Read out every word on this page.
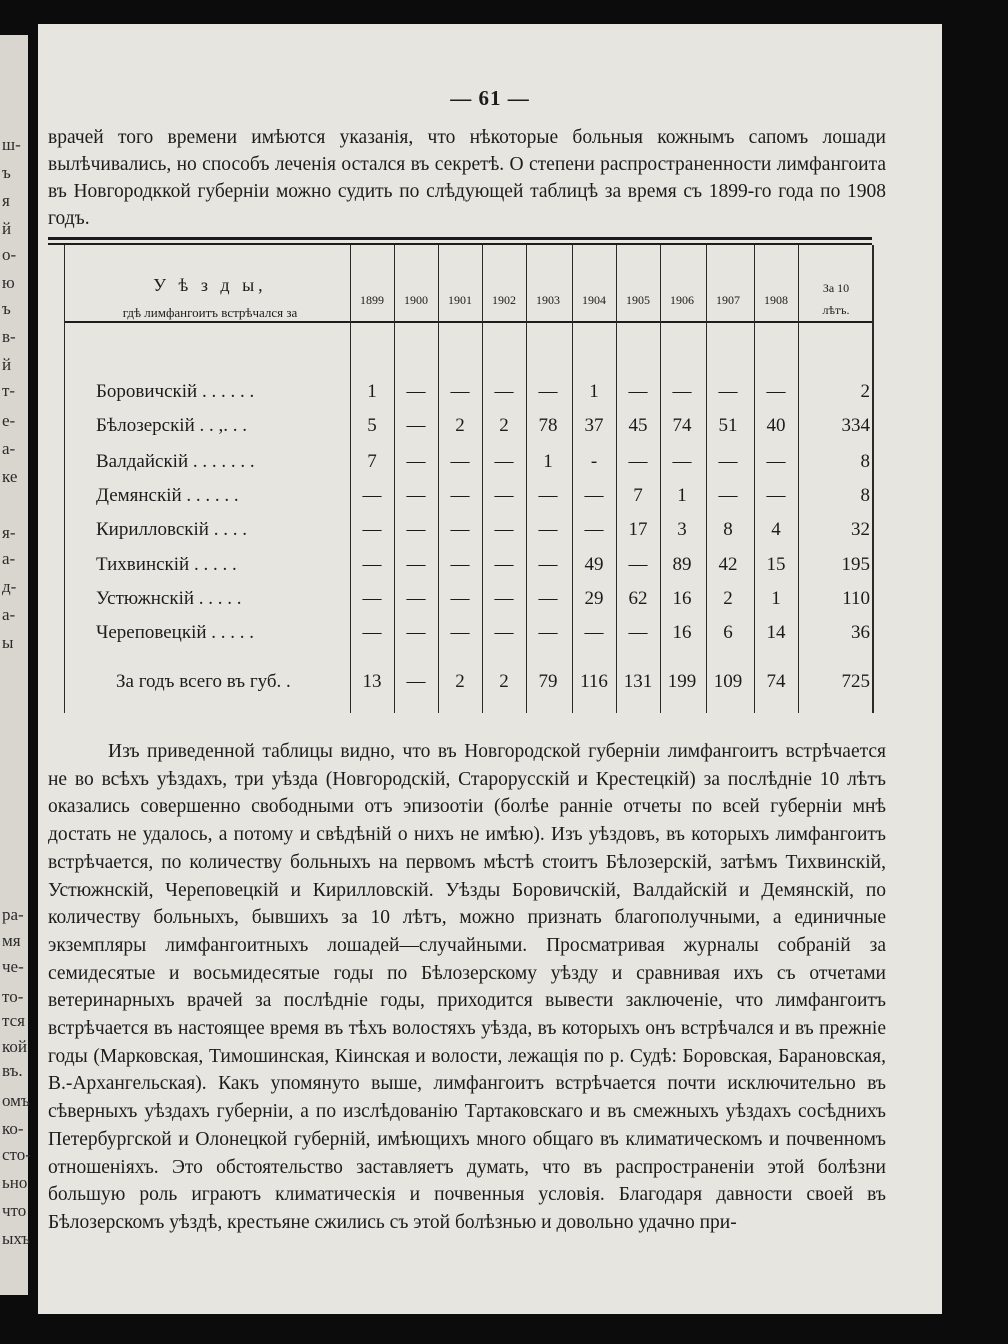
ш-
ъ
я
й
о-
ю
ъ
в-
й
т-
е-
а-
ке
я-
а-
д-
а-
ы
ра-
мя
че-
то-
тся
кой
въ.
омъ
ко-
сто-
ьно
что
ыхъ
— 61 —

врачей того времени имѣются указанія, что нѣкоторые больныя кожнымъ сапомъ лошади вылѣчивались, но способъ леченія остался въ секретѣ. О степени распространенности лимфангоита въ Новгородккой губерніи можно судить по слѣдующей таблицѣ за время съ 1899-го года по 1908 годъ.

У ѣ з д ы,
гдѣ лимфангоитъ встрѣчался за
За 10
лѣтъ.
1899	1900	1901	1902	1903	1904	1905	1906	1907	1908
Боровичскій . . . . . .	1	—	—	—	—	1	—	—	—	—	2
Бѣлозерскій . . ,. . .	5	—	2	2	78	37	45	74	51	40	334
Валдайскій . . . . . . .	7	—	—	—	1	-	—	—	—	—	8
Демянскій . . . . . .	—	—	—	—	—	—	7	1	—	—	8
Кирилловскій . . . .	—	—	—	—	—	—	17	3	8	4	32
Тихвинскій . . . . .	—	—	—	—	—	49	—	89	42	15	195
Устюжнскій . . . . .	—	—	—	—	—	29	62	16	2	1	110
Череповецкій . . . . .	—	—	—	—	—	—	—	16	6	14	36
За годъ всего въ губ. .	13	—	2	2	79	116 131 199 109	74	725

Изъ приведенной таблицы видно, что въ Новгородской губерніи лимфангоитъ встрѣчается не во всѣхъ уѣздахъ, три уѣзда (Новгородскій, Старорусскій и Крестецкій) за послѣдніе 10 лѣтъ оказались совершенно свободными отъ эпизоотіи (болѣе ранніе отчеты по всей губерніи мнѣ достать не удалось, а потому и свѣдѣній о нихъ не имѣю). Изъ уѣздовъ, въ которыхъ лимфангоитъ встрѣчается, по количеству больныхъ на первомъ мѣстѣ стоитъ Бѣлозерскій, затѣмъ Тихвинскій, Устюжнскій, Череповецкій и Кирилловскій. Уѣзды Боровичскій, Валдайскій и Демянскій, по количеству больныхъ, бывшихъ за 10 лѣтъ, можно признать благополучными, а единичные экземпляры лимфангоитныхъ лошадей—случайными. Просматривая журналы собраній за семидесятые и восьмидесятые годы по Бѣлозерскому уѣзду и сравнивая ихъ съ отчетами ветеринарныхъ врачей за послѣдніе годы, приходится вывести заключеніе, что лимфангоитъ встрѣчается въ настоящее время въ тѣхъ волостяхъ уѣзда, въ которыхъ онъ встрѣчался и въ прежніе годы (Марковская, Тимошинская, Кіинская и волости, лежащія по р. Судѣ: Боровская, Барановская, В.-Архангельская). Какъ упомянуто выше, лимфангоитъ встрѣчается почти исключительно въ сѣверныхъ уѣздахъ губерніи, а по изслѣдованію Тартаковскаго и въ смежныхъ уѣздахъ сосѣднихъ Петербургской и Олонецкой губерній, имѣющихъ много общаго въ климатическомъ и почвенномъ отношеніяхъ. Это обстоятельство заставляетъ думать, что въ распространеніи этой болѣзни большую роль играютъ климатическія и почвенныя условія. Благодаря давности своей въ Бѣлозерскомъ уѣздѣ, крестьяне сжились съ этой болѣзнью и довольно удачно при-
